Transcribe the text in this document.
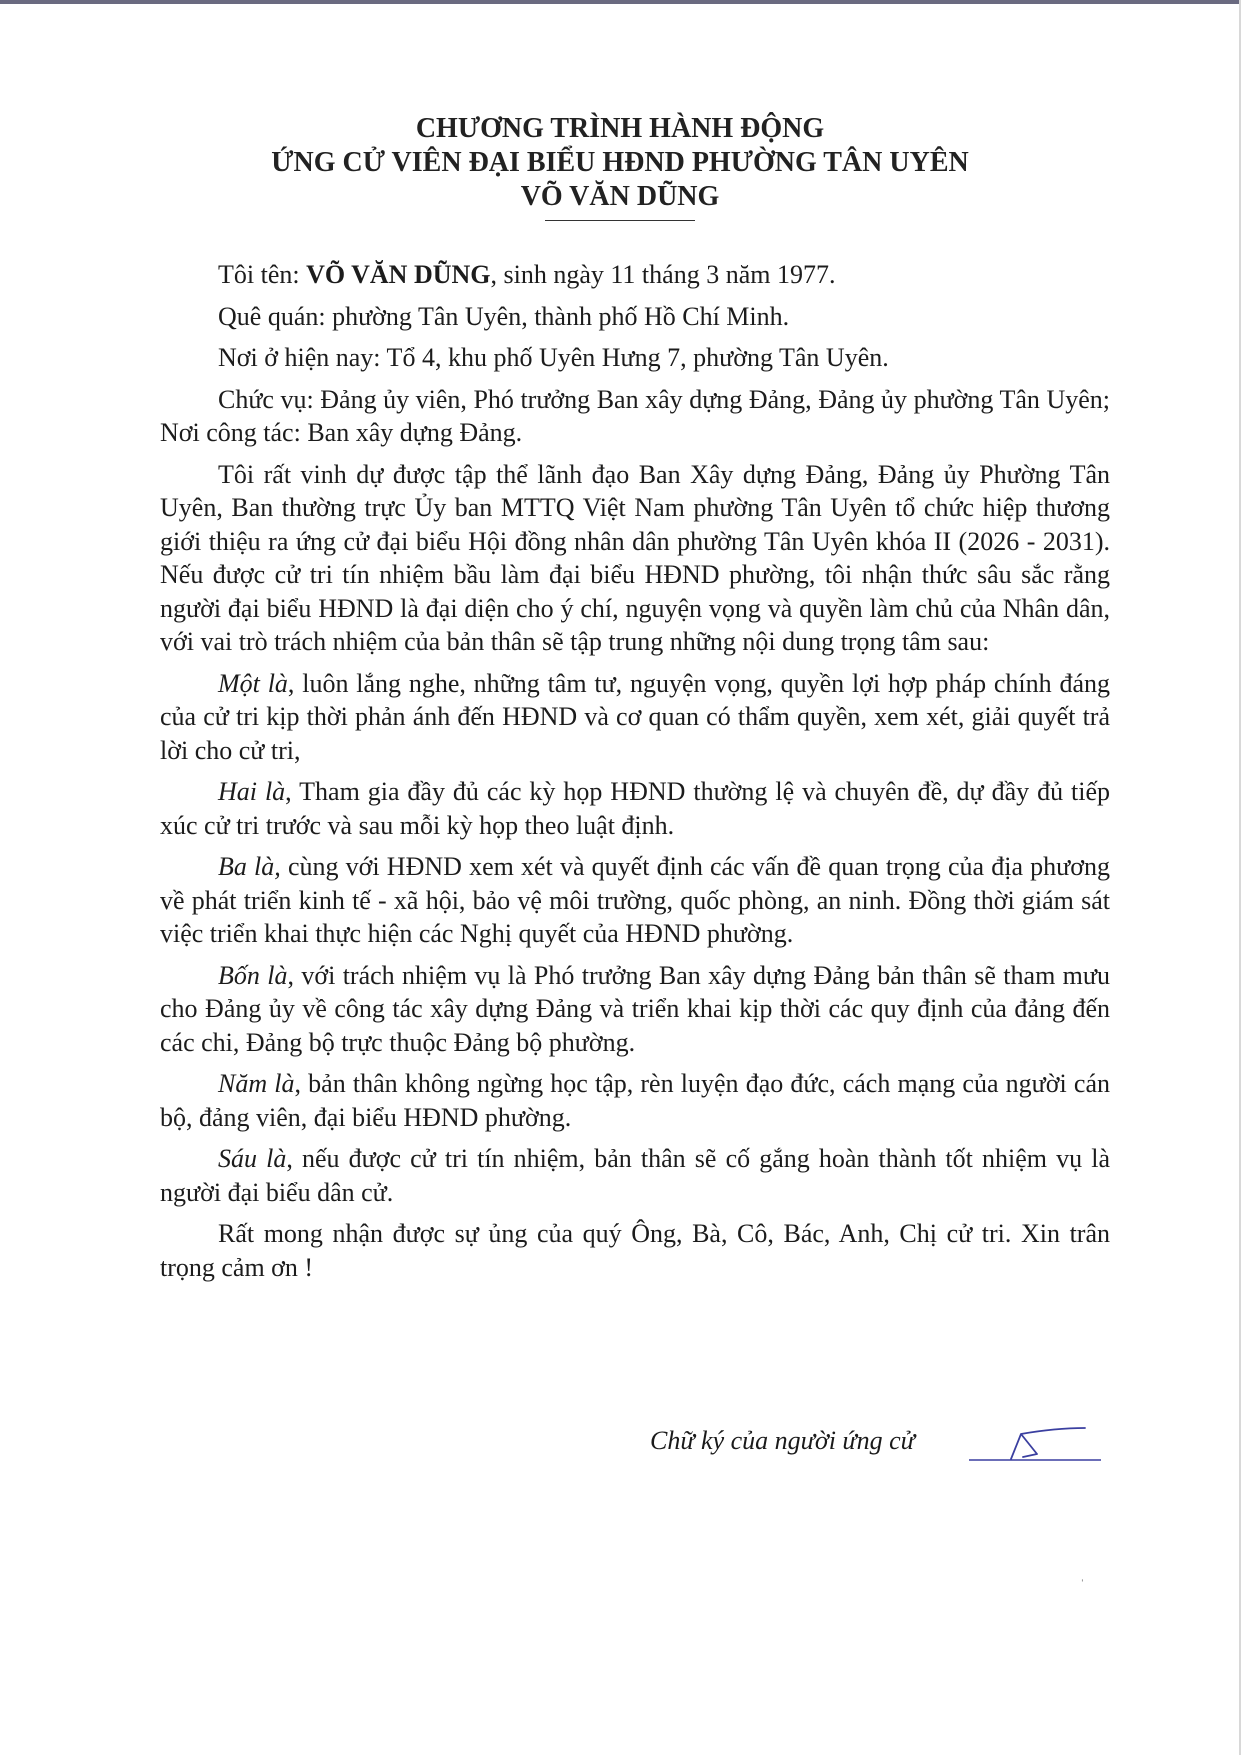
CHƯƠNG TRÌNH HÀNH ĐỘNG
ỨNG CỬ VIÊN ĐẠI BIỂU HĐND PHƯỜNG TÂN UYÊN
VÕ VĂN DŨNG

Tôi tên: VÕ VĂN DŨNG, sinh ngày 11 tháng 3 năm 1977.

Quê quán: phường Tân Uyên, thành phố Hồ Chí Minh.

Nơi ở hiện nay: Tổ 4, khu phố Uyên Hưng 7, phường Tân Uyên.

Chức vụ: Đảng ủy viên, Phó trưởng Ban xây dựng Đảng, Đảng ủy phường Tân Uyên; Nơi công tác: Ban xây dựng Đảng.

Tôi rất vinh dự được tập thể lãnh đạo Ban Xây dựng Đảng, Đảng ủy Phường Tân Uyên, Ban thường trực Ủy ban MTTQ Việt Nam phường Tân Uyên tổ chức hiệp thương giới thiệu ra ứng cử đại biểu Hội đồng nhân dân phường Tân Uyên khóa II (2026 - 2031). Nếu được cử tri tín nhiệm bầu làm đại biểu HĐND phường, tôi nhận thức sâu sắc rằng người đại biểu HĐND là đại diện cho ý chí, nguyện vọng và quyền làm chủ của Nhân dân, với vai trò trách nhiệm của bản thân sẽ tập trung những nội dung trọng tâm sau:

Một là, luôn lắng nghe, những tâm tư, nguyện vọng, quyền lợi hợp pháp chính đáng của cử tri kịp thời phản ánh đến HĐND và cơ quan có thẩm quyền, xem xét, giải quyết trả lời cho cử tri,

Hai là, Tham gia đầy đủ các kỳ họp HĐND thường lệ và chuyên đề, dự đầy đủ tiếp xúc cử tri trước và sau mỗi kỳ họp theo luật định.

Ba là, cùng với HĐND xem xét và quyết định các vấn đề quan trọng của địa phương về phát triển kinh tế - xã hội, bảo vệ môi trường, quốc phòng, an ninh. Đồng thời giám sát việc triển khai thực hiện các Nghị quyết của HĐND phường.

Bốn là, với trách nhiệm vụ là Phó trưởng Ban xây dựng Đảng bản thân sẽ tham mưu cho Đảng ủy về công tác xây dựng Đảng và triển khai kịp thời các quy định của đảng đến các chi, Đảng bộ trực thuộc Đảng bộ phường.

Năm là, bản thân không ngừng học tập, rèn luyện đạo đức, cách mạng của người cán bộ, đảng viên, đại biểu HĐND phường.

Sáu là, nếu được cử tri tín nhiệm, bản thân sẽ cố gắng hoàn thành tốt nhiệm vụ là người đại biểu dân cử.

Rất mong nhận được sự ủng của quý Ông, Bà, Cô, Bác, Anh, Chị cử tri. Xin trân trọng cảm ơn !

Chữ ký của người ứng cử
ˈ
